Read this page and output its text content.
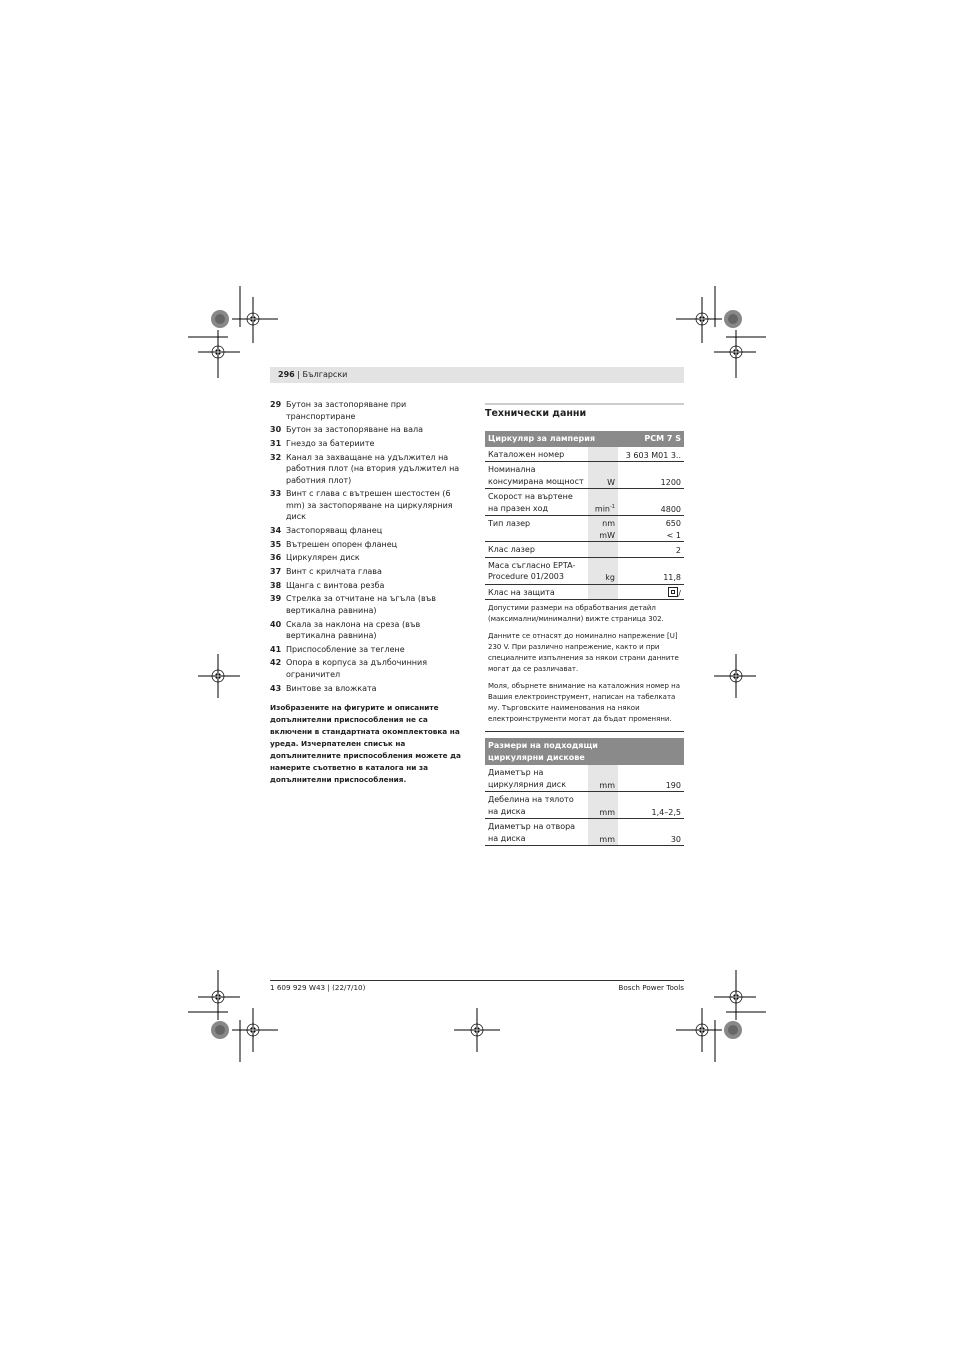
296 | Български
29 Бутон за застопоряване при транспортиране
30 Бутон за застопоряване на вала
31 Гнездо за батериите
32 Канал за захващане на удължител на работния плот (на втория удължител на работния плот)
33 Винт с глава с вътрешен шестостен (6 mm) за застопоряване на циркулярния диск
34 Застопоряващ фланец
35 Вътрешен опорен фланец
36 Циркулярен диск
37 Винт с крилчата глава
38 Щанга с винтова резба
39 Стрелка за отчитане на ъгъла (във вертикална равнина)
40 Скала за наклона на среза (във вертикална равнина)
41 Приспособление за теглене
42 Опора в корпуса за дълбочинния ограничител
43 Винтове за вложката
Изобразените на фигурите и описаните допълнителни приспособления не са включени в стандартната окомплектовка на уреда. Изчерпателен списък на допълнителните приспособления можете да намерите съответно в каталога ни за допълнителни приспособления.
Технически данни
Циркуляр за ламперия		PCM 7 S
Каталожен номер		3 603 M01 3..
Номинална консумирана мощност	W	1200
Скорост на въртене на празен ход	$\min^{-1}$	4800
Тип лазер	nm	650
	mW	< 1
Клас лазер		2
Маса съгласно EPTA-Procedure 01/2003	kg	11,8
Клас на защита		/
Допустими размери на обработвания детайл (максимални/минимални) вижте страница 302.
Данните се отнасят до номинално напрежение [U] 230 V. При различно напрежение, както и при специалните изпълнения за някои страни данните могат да се различават.
Моля, обърнете внимание на каталожния номер на Вашия електроинструмент, написан на табелката му. Търговските наименования на някои електроинструменти могат да бъдат променяни.
Размери на подходящи циркулярни дискове		
Диаметър на циркулярния диск	mm	190
Дебелина на тялото на диска	mm	1,4–2,5
Диаметър на отвора на диска	mm	30
1 609 929 W43 | (22/7/10)	Bosch Power Tools
